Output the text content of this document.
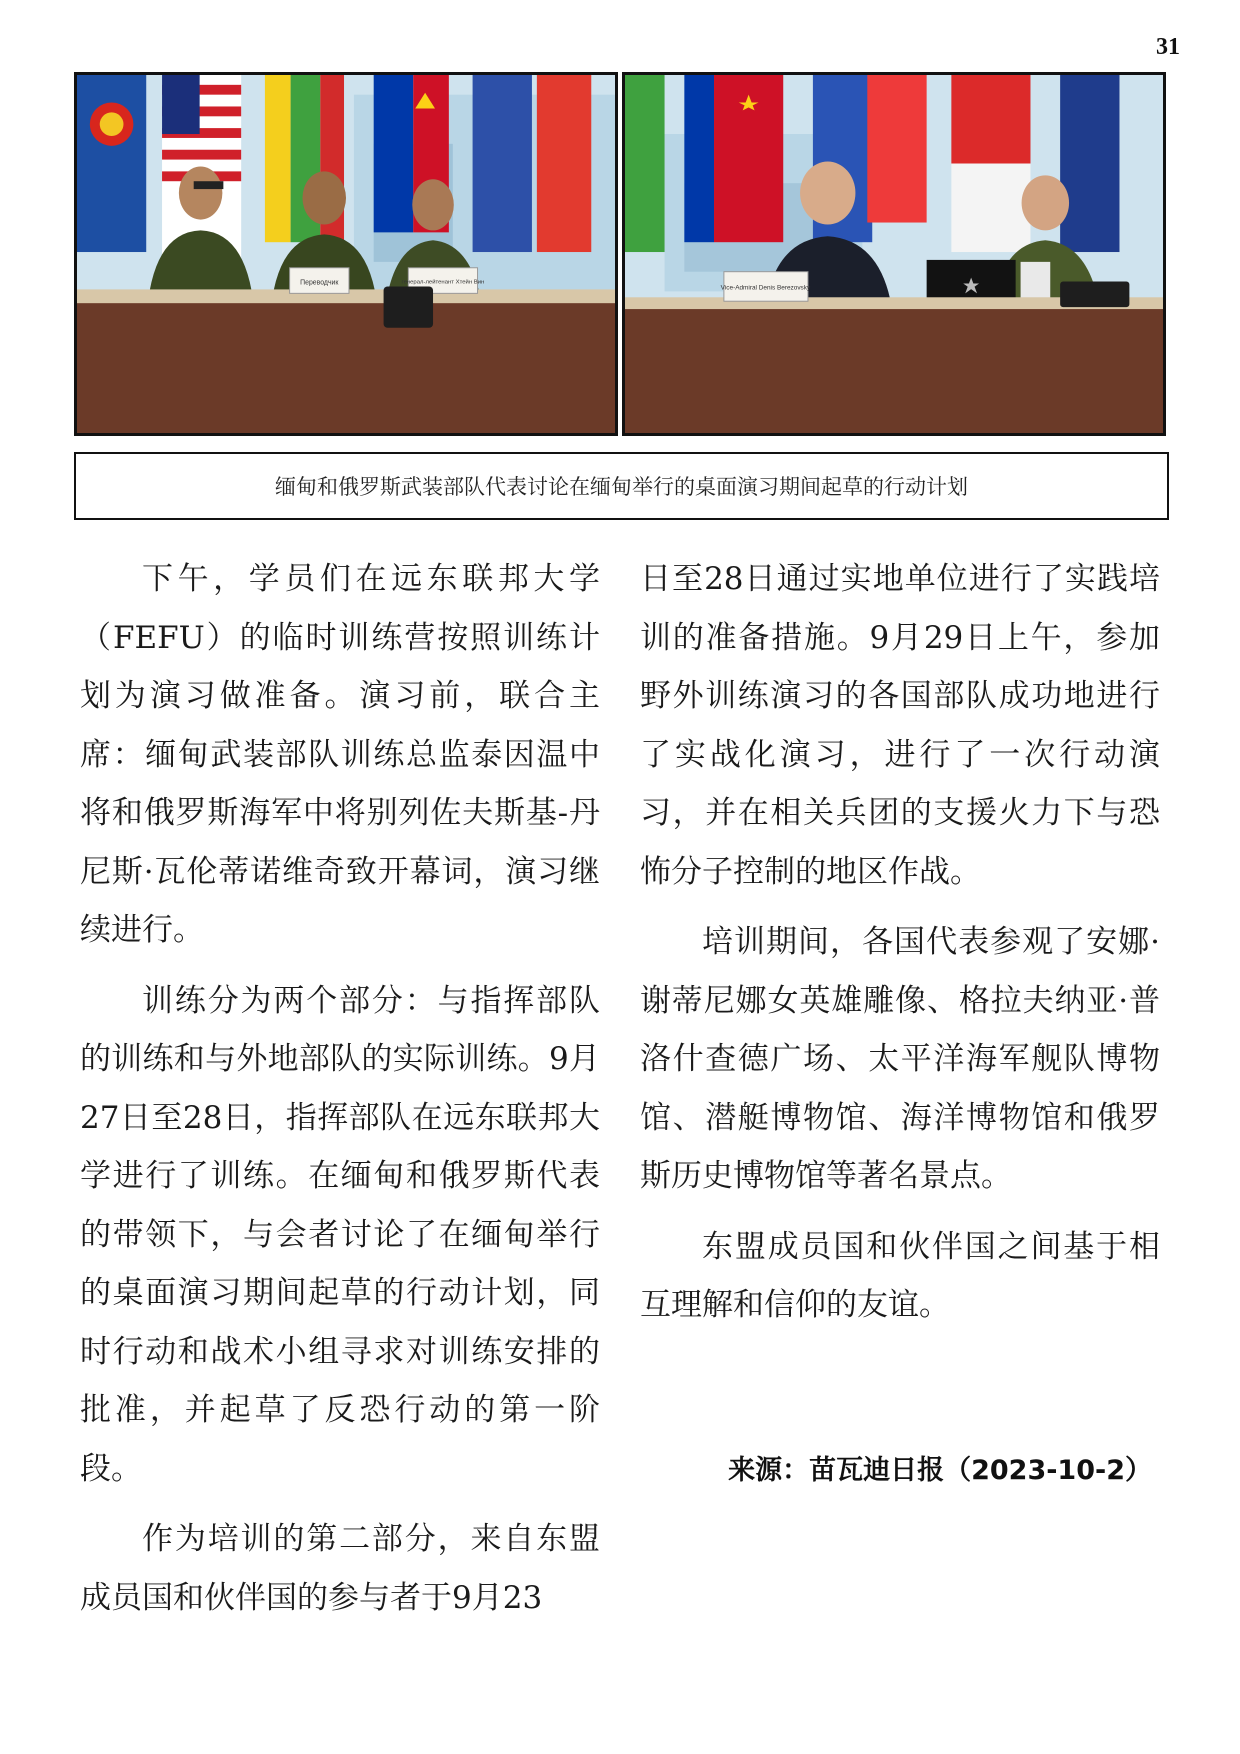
31
Переводчик	генерал-лейтенант Хтейн Вин
Vice-Admiral Denis Berezovsky
缅甸和俄罗斯武装部队代表讨论在缅甸举行的桌面演习期间起草的行动计划

下午，学员们在远东联邦大学（FEFU）的临时训练营按照训练计划为演习做准备。演习前，联合主席：缅甸武装部队训练总监泰因温中将和俄罗斯海军中将别列佐夫斯基-丹尼斯·瓦伦蒂诺维奇致开幕词，演习继续进行。

训练分为两个部分：与指挥部队的训练和与外地部队的实际训练。9月27日至28日，指挥部队在远东联邦大学进行了训练。在缅甸和俄罗斯代表的带领下，与会者讨论了在缅甸举行的桌面演习期间起草的行动计划，同时行动和战术小组寻求对训练安排的批准，并起草了反恐行动的第一阶段。

作为培训的第二部分，来自东盟成员国和伙伴国的参与者于9月23

日至28日通过实地单位进行了实践培训的准备措施。9月29日上午，参加野外训练演习的各国部队成功地进行了实战化演习，进行了一次行动演习，并在相关兵团的支援火力下与恐怖分子控制的地区作战。

培训期间，各国代表参观了安娜·谢蒂尼娜女英雄雕像、格拉夫纳亚·普洛什查德广场、太平洋海军舰队博物馆、潜艇博物馆、海洋博物馆和俄罗斯历史博物馆等著名景点。

东盟成员国和伙伴国之间基于相互理解和信仰的友谊。

来源：苗瓦迪日报（2023-10-2）
